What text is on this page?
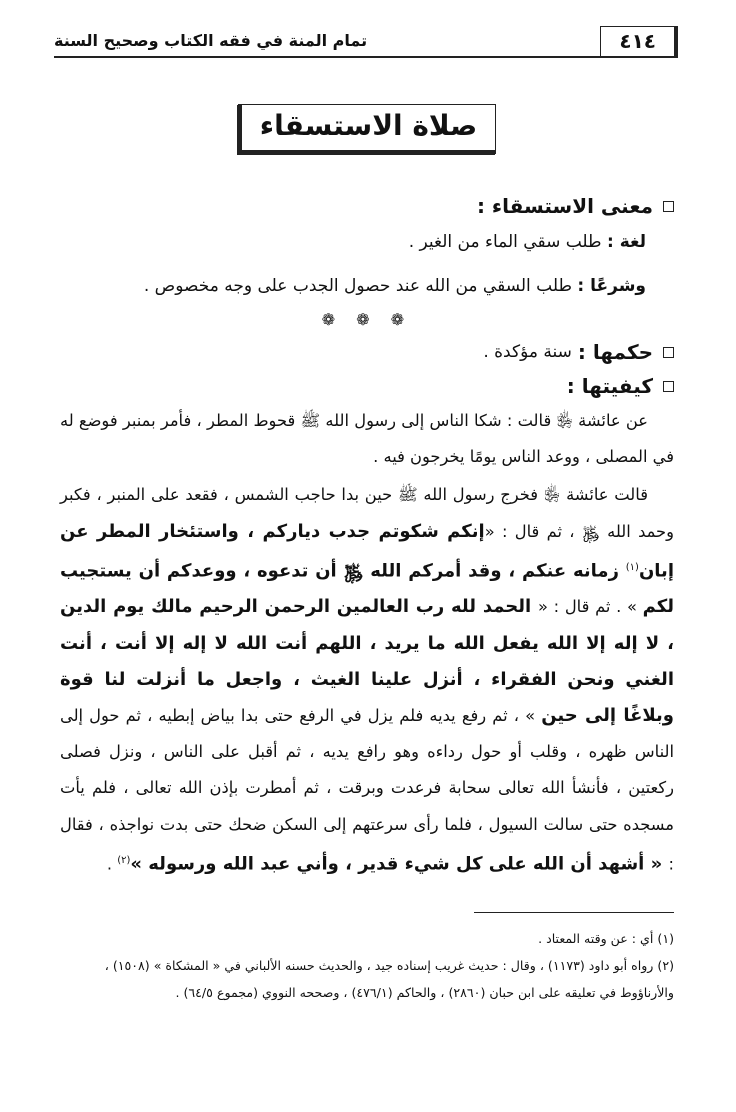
٤١٤
تمام المنة في فقه الكتاب وصحيح السنة
صلاة الاستسقاء
معنى الاستسقاء :
لغة : طلب سقي الماء من الغير .
وشرعًا : طلب السقي من الله عند حصول الجدب على وجه مخصوص .
❁ ❁ ❁
حكمها :
سنة مؤكدة .
كيفيتها :

عن عائشة ﵂ قالت : شكا الناس إلى رسول الله ﷺ قحوط المطر ، فأمر بمنبر فوضع له في المصلى ، ووعد الناس يومًا يخرجون فيه .

قالت عائشة ﵂ فخرج رسول الله ﷺ حين بدا حاجب الشمس ، فقعد على المنبر ، فكبر وحمد الله ﷿ ، ثم قال : «إنكم شكوتم جدب دياركم ، واستئخار المطر عن إبان$^{(١)}$ زمانه عنكم ، وقد أمركم الله ﷿ أن تدعوه ، ووعدكم أن يستجيب لكم » . ثم قال : « الحمد لله رب العالمين الرحمن الرحيم مالك يوم الدين ، لا إله إلا الله يفعل الله ما يريد ، اللهم أنت الله لا إله إلا أنت ، أنت الغني ونحن الفقراء ، أنزل علينا الغيث ، واجعل ما أنزلت لنا قوة وبلاغًا إلى حين » ، ثم رفع يديه فلم يزل في الرفع حتى بدا بياض إبطيه ، ثم حول إلى الناس ظهره ، وقلب أو حول رداءه وهو رافع يديه ، ثم أقبل على الناس ، ونزل فصلى ركعتين ، فأنشأ الله تعالى سحابة فرعدت وبرقت ، ثم أمطرت بإذن الله تعالى ، فلم يأت مسجده حتى سالت السيول ، فلما رأى سرعتهم إلى السكن ضحك حتى بدت نواجذه ، فقال : « أشهد أن الله على كل شيء قدير ، وأني عبد الله ورسوله »$^{(٢)}$ .

(١) أي : عن وقته المعتاد .

(٢) رواه أبو داود (١١٧٣) ، وقال : حديث غريب إسناده جيد ، والحديث حسنه الألباني في « المشكاة » (١٥٠٨) ، والأرناؤوط في تعليقه على ابن حبان (٢٨٦٠) ، والحاكم (٤٧٦/١) ، وصححه النووي (مجموع ٦٤/٥) .
